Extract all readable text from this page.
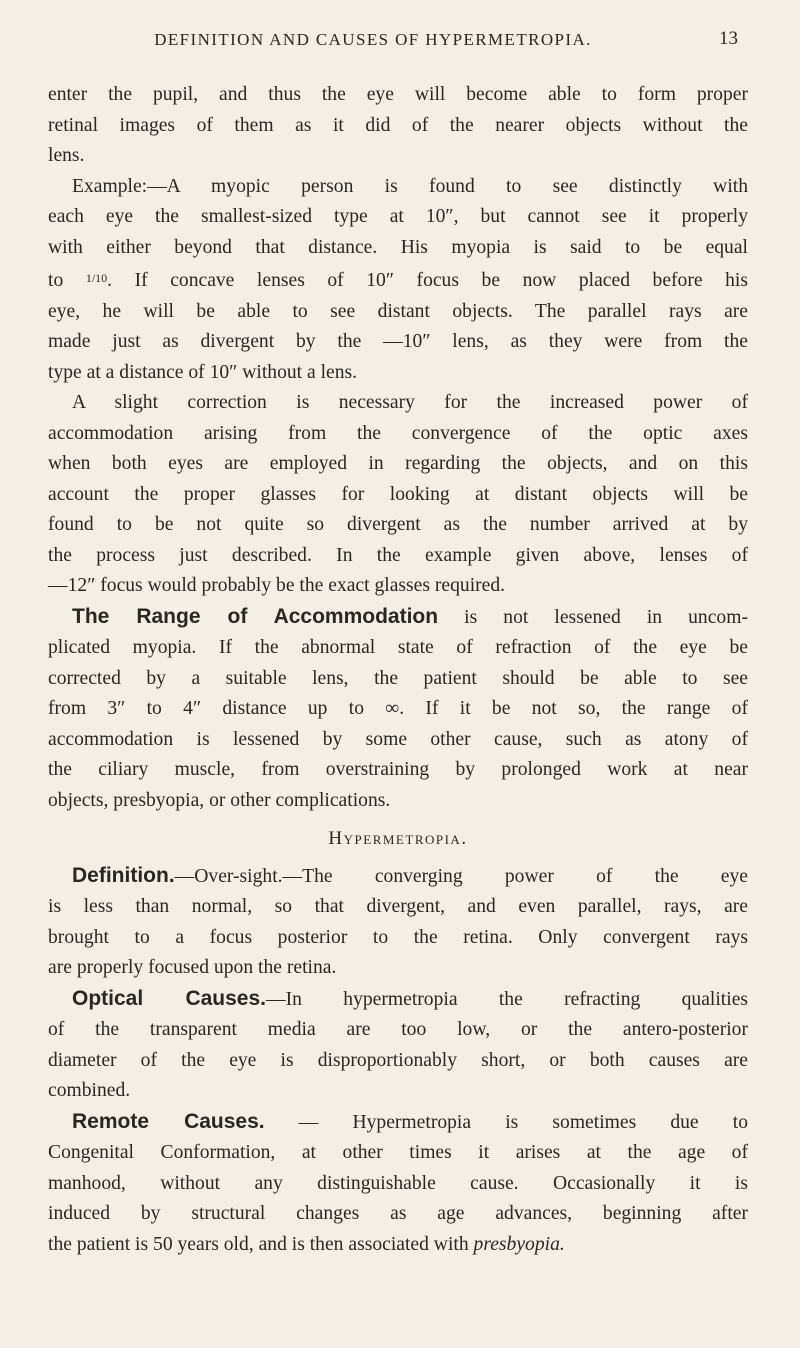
DEFINITION AND CAUSES OF HYPERMETROPIA.	13

enter the pupil, and thus the eye will become able to form proper
retinal images of them as it did of the nearer objects without the
lens.

Example:—A myopic person is found to see distinctly with
each eye the smallest-sized type at 10″, but cannot see it properly
with either beyond that distance. His myopia is said to be equal
to $^{1/10}$. If concave lenses of 10″ focus be now placed before his
eye, he will be able to see distant objects. The parallel rays are
made just as divergent by the —10″ lens, as they were from the
type at a distance of 10″ without a lens.

A slight correction is necessary for the increased power of
accommodation arising from the convergence of the optic axes
when both eyes are employed in regarding the objects, and on this
account the proper glasses for looking at distant objects will be
found to be not quite so divergent as the number arrived at by
the process just described. In the example given above, lenses of
—12″ focus would probably be the exact glasses required.

The Range of Accommodation is not lessened in uncom-
plicated myopia. If the abnormal state of refraction of the eye be
corrected by a suitable lens, the patient should be able to see
from 3″ to 4″ distance up to ∞. If it be not so, the range of
accommodation is lessened by some other cause, such as atony of
the ciliary muscle, from overstraining by prolonged work at near
objects, presbyopia, or other complications.

Hypermetropia.

Definition.—Over-sight.—The converging power of the eye
is less than normal, so that divergent, and even parallel, rays, are
brought to a focus posterior to the retina. Only convergent rays
are properly focused upon the retina.

Optical Causes.—In hypermetropia the refracting qualities
of the transparent media are too low, or the antero-posterior
diameter of the eye is disproportionably short, or both causes are
combined.

Remote Causes. — Hypermetropia is sometimes due to
Congenital Conformation, at other times it arises at the age of
manhood, without any distinguishable cause. Occasionally it is
induced by structural changes as age advances, beginning after
the patient is 50 years old, and is then associated with presbyopia.
